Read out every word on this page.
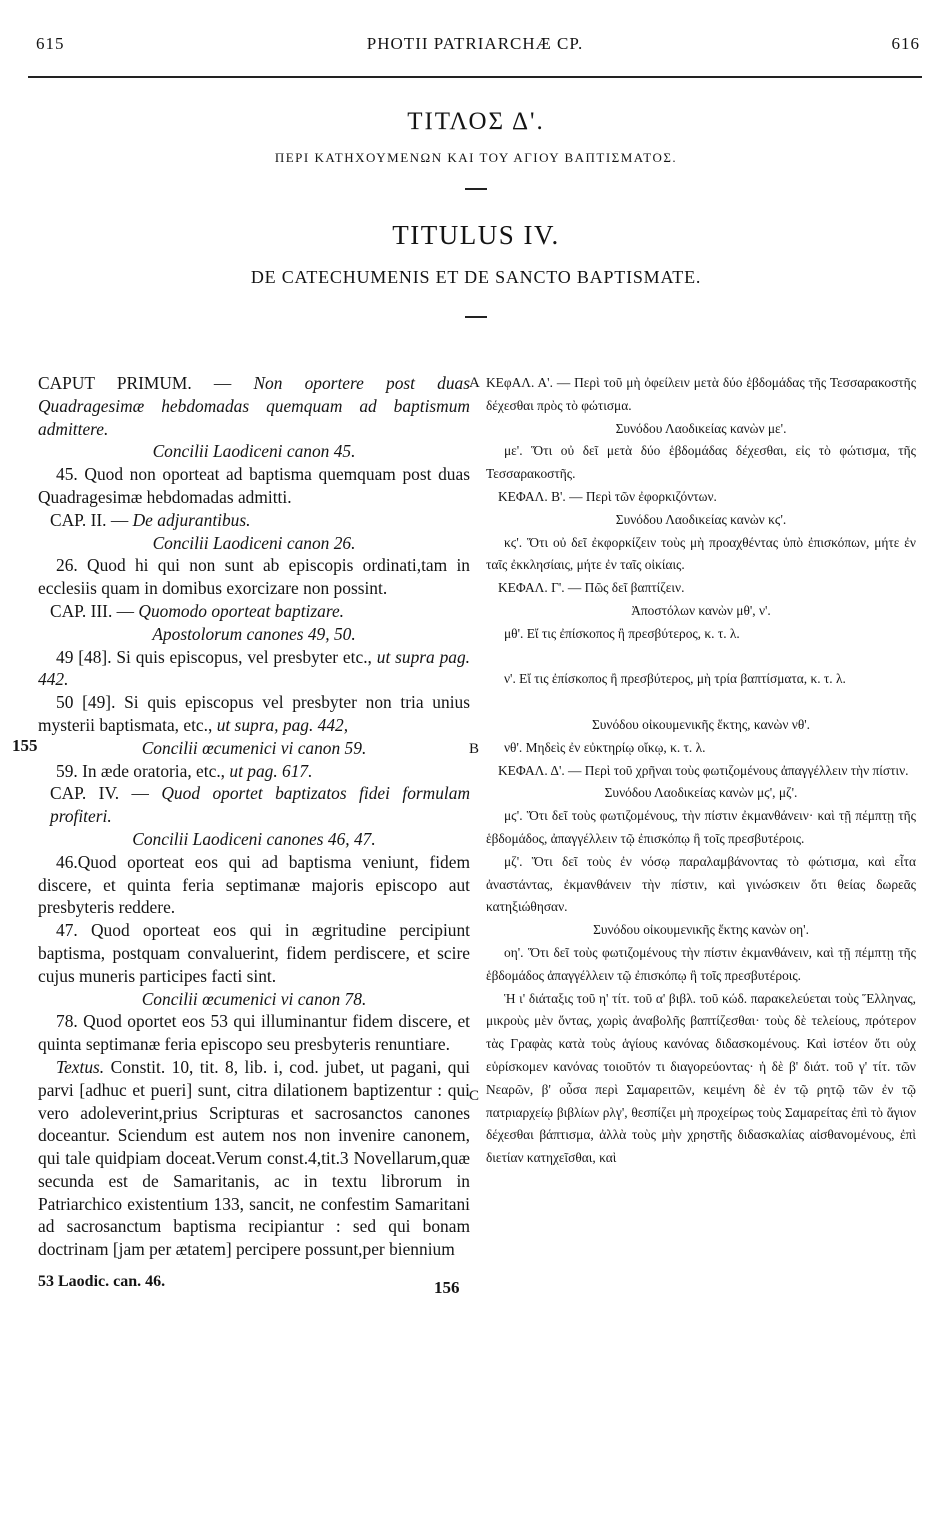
615	PHOTII PATRIARCHÆ CP.	616
ΤΙΤΛΟΣ Δ'.
ΠΕΡΙ ΚΑΤΗΧΟΥΜΕΝΩΝ ΚΑΙ ΤΟΥ ΑΓΙΟΥ ΒΑΠΤΙΣΜΑΤΟΣ.
TITULUS IV.
DE CATECHUMENIS ET DE SANCTO BAPTISMATE.
A
B
C

CAPUT PRIMUM. — Non oportere post duas Quadragesimæ hebdomadas quemquam ad baptismum admittere.

Concilii Laodiceni canon 45.

45. Quod non oporteat ad baptisma quemquam post duas Quadragesimæ hebdomadas admitti.

CAP. II. — De adjurantibus.

Concilii Laodiceni canon 26.

26. Quod hi qui non sunt ab episcopis ordinati,tam in ecclesiis quam in domibus exorcizare non possint.

CAP. III. — Quomodo oporteat baptizare.

Apostolorum canones 49, 50.

49 [48]. Si quis episcopus, vel presbyter etc., ut supra pag. 442.

50 [49]. Si quis episcopus vel presbyter non tria unius mysterii baptismata, etc., ut supra, pag. 442,

Concilii œcumenici vi canon 59.

59. In æde oratoria, etc., ut pag. 617.

CAP. IV. — Quod oportet baptizatos fidei formulam profiteri.

Concilii Laodiceni canones 46, 47.

46.Quod oporteat eos qui ad baptisma veniunt, fidem discere, et quinta feria septimanæ majoris episcopo aut presbyteris reddere.

47. Quod oporteat eos qui in ægritudine percipiunt baptisma, postquam convaluerint, fidem perdiscere, et scire cujus muneris participes facti sint.

Concilii œcumenici vi canon 78.

78. Quod oportet eos 53 qui illuminantur fidem discere, et quinta septimanæ feria episcopo seu presbyteris renuntiare.

Textus. Constit. 10, tit. 8, lib. i, cod. jubet, ut pagani, qui parvi [adhuc et pueri] sunt, citra dilationem baptizentur : qui vero adoleverint,prius Scripturas et sacrosanctos canones doceantur. Sciendum est autem nos non invenire canonem, qui tale quidpiam doceat.Verum const.4,tit.3 Novellarum,quæ secunda est de Samaritanis, ac in textu librorum in Patriarchico existentium 133, sancit, ne confestim Samaritani ad sacrosanctum baptisma recipiantur : sed qui bonam doctrinam [jam per ætatem] percipere possunt,per biennium

53 Laodic. can. 46.

155
156

ΚΕφΑΛ. Α'. — Περὶ τοῦ μὴ ὀφείλειν μετὰ δύο ἑβδομάδας τῆς Τεσσαρακοστῆς δέχεσθαι πρὸς τὸ φώτισμα.

Συνόδου Λαοδικείας κανὼν με'.

με'. Ὅτι οὐ δεῖ μετὰ δύο ἑβδομάδας δέχεσθαι, εἰς τὸ φώτισμα, τῆς Τεσσαρακοστῆς.

ΚΕΦΑΛ. Β'. — Περὶ τῶν ἐφορκιζόντων.

Συνόδου Λαοδικείας κανὼν κϛ'.

κϛ'. Ὅτι οὐ δεῖ ἐκφορκίζειν τοὺς μὴ προαχθέντας ὑπὸ ἐπισκόπων, μήτε ἐν ταῖς ἐκκλησίαις, μήτε ἐν ταῖς οἰκίαις.

ΚΕΦΑΛ. Γ'. — Πῶς δεῖ βαπτίζειν.

Ἀποστόλων κανὼν μθ', ν'.

μθ'. Εἴ τις ἐπίσκοπος ἢ πρεσβύτερος, κ. τ. λ.

ν'. Εἴ τις ἐπίσκοπος ἢ πρεσβύτερος, μὴ τρία βαπτίσματα, κ. τ. λ.

Συνόδου οἰκουμενικῆς ἕκτης, κανὼν νθ'.

νθ'. Μηδεὶς ἐν εὐκτηρίῳ οἴκῳ, κ. τ. λ.

ΚΕΦΑΛ. Δ'. — Περὶ τοῦ χρῆναι τοὺς φωτιζομένους ἀπαγγέλλειν τὴν πίστιν.

Συνόδου Λαοδικείας κανὼν μϛ', μζ'.

μϛ'. Ὅτι δεῖ τοὺς φωτιζομένους, τὴν πίστιν ἐκμανθάνειν· καὶ τῇ πέμπτῃ τῆς ἑβδομάδος, ἀπαγγέλλειν τῷ ἐπισκόπῳ ἢ τοῖς πρεσβυτέροις.

μζ'. Ὅτι δεῖ τοὺς ἐν νόσῳ παραλαμβάνοντας τὸ φώτισμα, καὶ εἶτα ἀναστάντας, ἐκμανθάνειν τὴν πίστιν, καὶ γινώσκειν ὅτι θείας δωρεᾶς κατηξιώθησαν.

Συνόδου οἰκουμενικῆς ἕκτης κανὼν οη'.

οη'. Ὅτι δεῖ τοὺς φωτιζομένους τὴν πίστιν ἐκμανθάνειν, καὶ τῇ πέμπτῃ τῆς ἑβδομάδος ἀπαγγέλλειν τῷ ἐπισκόπῳ ἢ τοῖς πρεσβυτέροις.

Ἡ ι' διάταξις τοῦ η' τίτ. τοῦ α' βιβλ. τοῦ κώδ. παρακελεύεται τοὺς Ἕλληνας, μικροὺς μὲν ὄντας, χωρὶς ἀναβολῆς βαπτίζεσθαι· τοὺς δὲ τελείους, πρότερον τὰς Γραφὰς κατὰ τοὺς ἁγίους κανόνας διδασκομένους. Καὶ ἰστέον ὅτι οὐχ εὑρίσκομεν κανόνας τοιοῦτόν τι διαγορεύοντας· ἡ δὲ β' διάτ. τοῦ γ' τίτ. τῶν Νεαρῶν, β' οὖσα περὶ Σαμαρειτῶν, κειμένη δὲ ἐν τῷ ρητῷ τῶν ἐν τῷ πατριαρχείῳ βιβλίων ρλγ', θεσπίζει μὴ προχείρως τοὺς Σαμαρείτας ἐπὶ τὸ ἅγιον δέχεσθαι βάπτισμα, ἀλλὰ τοὺς μὴν χρηστῆς διδασκαλίας αἰσθανομένους, ἐπὶ διετίαν κατηχεῖσθαι, καὶ
